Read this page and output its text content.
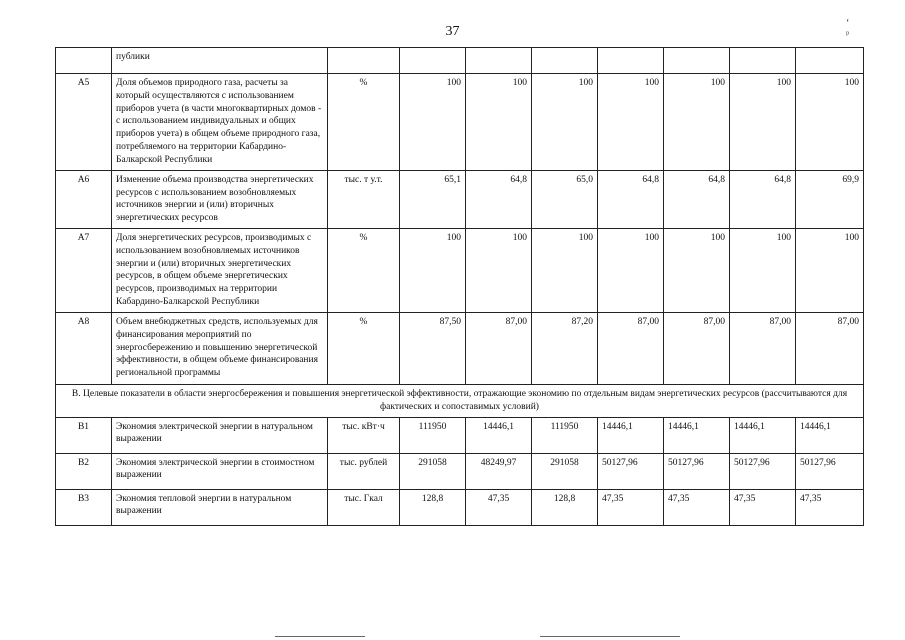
37
‘ ᵖ
	публики								
А5	Доля объемов природного газа, расчеты за который осуществляются с использованием приборов учета (в части многоквартирных домов - с использованием индивидуальных и общих приборов учета) в общем объеме природного газа, потребляемого на территории Кабардино-Балкарской Республики	%	100	100	100	100	100	100	100
А6	Изменение объема производства энергетических ресурсов с использованием возобновляемых источников энергии и (или) вторичных энергетических ресурсов	тыс. т у.т.	65,1	64,8	65,0	64,8	64,8	64,8	69,9
А7	Доля энергетических ресурсов, производимых с использованием возобновляемых источников энергии и (или) вторичных энергетических ресурсов, в общем объеме энергетических ресурсов, производимых на территории Кабардино-Балкарской Республики	%	100	100	100	100	100	100	100
А8	Объем внебюджетных средств, используемых для финансирования мероприятий по энергосбережению и повышению энергетической эффективности, в общем объеме финансирования региональной программы	%	87,50	87,00	87,20	87,00	87,00	87,00	87,00
В. Целевые показатели в области энергосбережения и повышения энергетической эффективности, отражающие экономию по отдельным видам энергетических ресурсов (рассчитываются для фактических и сопоставимых условий)									
В1	Экономия электрической энергии в натуральном выражении	тыс. кВт·ч	111950	14446,1	111950	14446,1	14446,1	14446,1	14446,1
В2	Экономия электрической энергии в стоимостном выражении	тыс. рублей	291058	48249,97	291058	50127,96	50127,96	50127,96	50127,96
В3	Экономия тепловой энергии в натуральном выражении	тыс. Гкал	128,8	47,35	128,8	47,35	47,35	47,35	47,35
